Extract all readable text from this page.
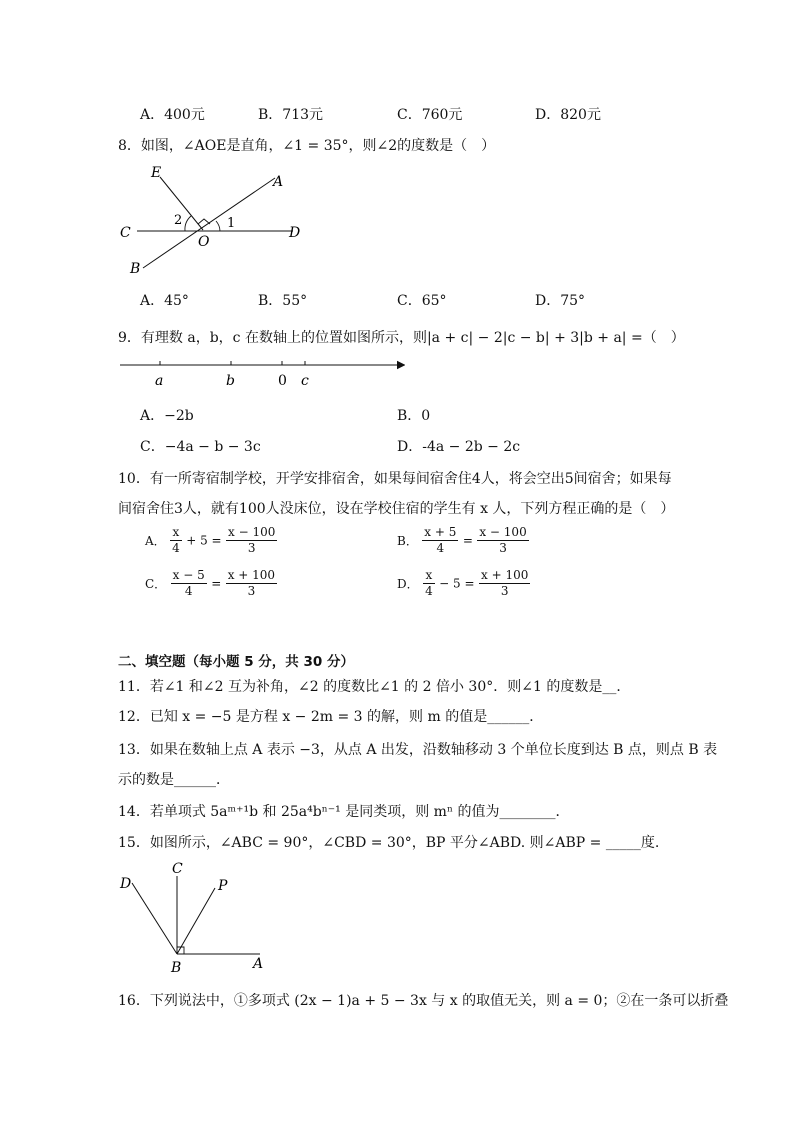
A．400元	B．713元	C．760元	D．820元
8．如图，∠AOE是直角，∠1 = 35°，则∠2的度数是（　）
E
A
C	D
B
O
1
2
A．45°	B．55°	C．65°	D．75°
9．有理数 a，b，c 在数轴上的位置如图所示，则|a + c| − 2|c − b| + 3|b + a| =（　）
a	b	0 c
A．−2b	B．0
C．−4a − b − 3c	D．-4a − 2b − 2c
10．有一所寄宿制学校，开学安排宿舍，如果每间宿舍住4人，将会空出5间宿舍；如果每
间宿舍住3人，就有100人没床位，设在学校住宿的学生有 x 人，下列方程正确的是（　）
A． $\frac{x}{4} + 5 = \frac{x - 100}{3}$	B． $\frac{x + 5}{4} = \frac{x - 100}{3}$
C． $\frac{x - 5}{4} = \frac{x + 100}{3}$	D． $\frac{x}{4} - 5 = \frac{x + 100}{3}$
二、填空题（每小题 5 分，共 30 分）
11．若∠1 和∠2 互为补角，∠2 的度数比∠1 的 2 倍小 30°．则∠1 的度数是__．
12．已知 x = −5 是方程 x − 2m = 3 的解，则 m 的值是______．
13．如果在数轴上点 A 表示 −3，从点 A 出发，沿数轴移动 3 个单位长度到达 B 点，则点 B 表
示的数是______．
14．若单项式 5aᵐ⁺¹b 和 25a⁴bⁿ⁻¹ 是同类项，则 mⁿ 的值为________．
15．如图所示，∠ABC = 90°，∠CBD = 30°，BP 平分∠ABD. 则∠ABP = _____度.
D
C
P
B	A
16．下列说法中，①多项式 (2x − 1)a + 5 − 3x 与 x 的取值无关，则 a = 0；②在一条可以折叠
